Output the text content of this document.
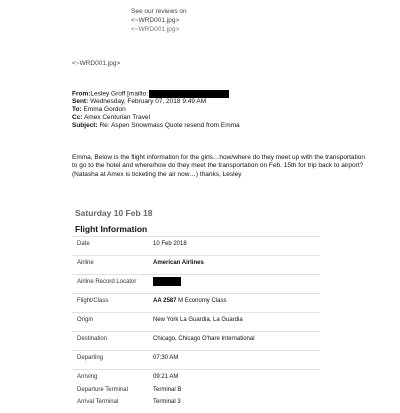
See our reviews on
<~WRD001.jpg>
<~WRD001.jpg>
<~WRD001.jpg>
From:Lesley Groff [mailto:
Sent: Wednesday, February 07, 2018 9:49 AM
To: Emma Gordon
Cc: Amex Centurian Travel
Subject: Re: Aspen Snowmass Quote resend from Emma
Emma, Below is the flight information for the girls…how/where do they meet up with the transportation to go to the hotel and where/how do they meet the transportation on Feb. 15th for trip back to airport? (Natasha at Amex is ticketing the air now…) thanks, Lesley
Saturday 10 Feb 18
Flight Information
Date	10 Feb 2018
Airline	American Airlines
Airline Record Locator
Flight/Class	AA 2587 M Economy Class
Origin	New York La Guardia, La Guardia
Destination	Chicago, Chicago O'hare International
Departing	07:30 AM
Arriving	09:21 AM
Departure Terminal	Terminal B
Arrival Terminal	Terminal 3
